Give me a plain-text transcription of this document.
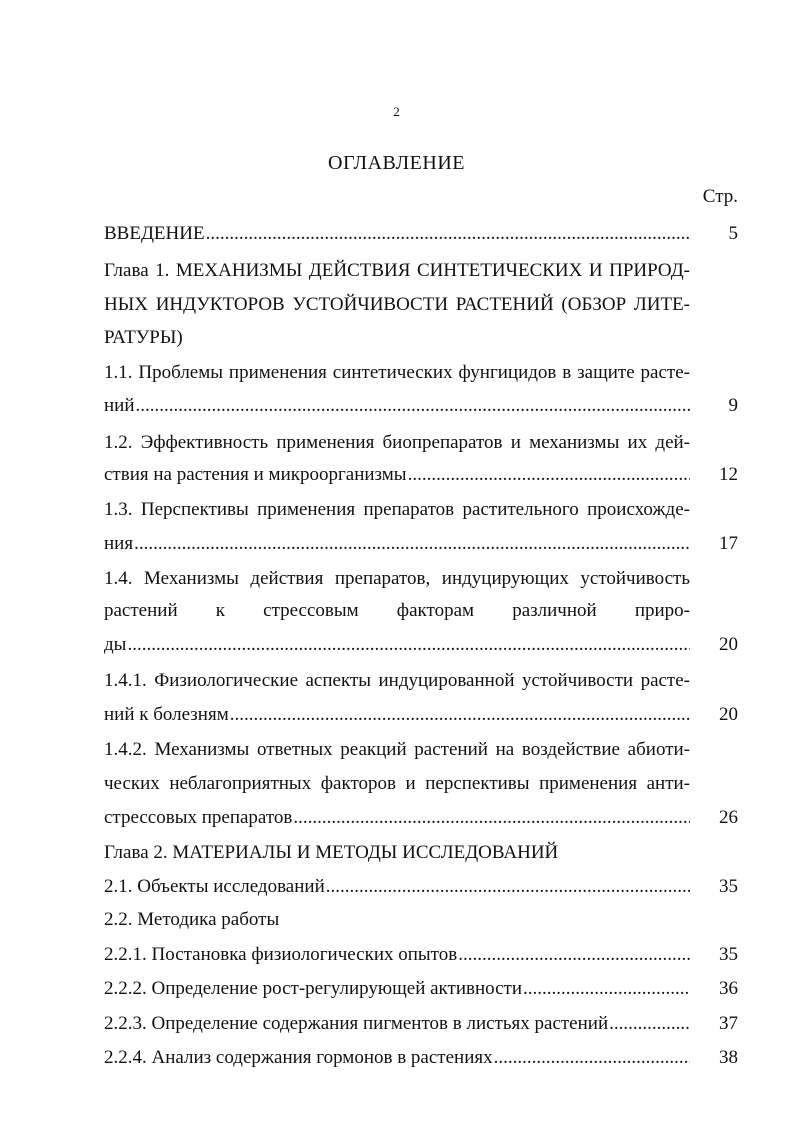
2
ОГЛАВЛЕНИЕ
Стр.
ВВЕДЕНИЕ .....	5
Глава 1. МЕХАНИЗМЫ ДЕЙСТВИЯ СИНТЕТИЧЕСКИХ И ПРИРОД-
НЫХ ИНДУКТОРОВ УСТОЙЧИВОСТИ РАСТЕНИЙ (ОБЗОР ЛИТЕ-
РАТУРЫ)
1.1. Проблемы применения синтетических фунгицидов в защите расте-
ний .....	9
1.2. Эффективность применения биопрепаратов и механизмы их дей-
ствия на растения и микроорганизмы .....	12
1.3. Перспективы применения препаратов растительного происхожде-
ния .....	17
1.4. Механизмы действия препаратов, индуцирующих устойчивость
растений к стрессовым факторам различной приро-
ды .....	20
1.4.1. Физиологические аспекты индуцированной устойчивости расте-
ний к болезням .....	20
1.4.2. Механизмы ответных реакций растений на воздействие абиоти-
ческих неблагоприятных факторов и перспективы применения анти-
стрессовых препаратов .....	26
Глава 2. МАТЕРИАЛЫ И МЕТОДЫ ИССЛЕДОВАНИЙ
2.1. Объекты исследований .....	35
2.2. Методика работы
2.2.1. Постановка физиологических опытов .....	35
2.2.2. Определение рост-регулирующей активности .....	36
2.2.3. Определение содержания пигментов в листьях растений .....	37
2.2.4. Анализ содержания гормонов в растениях .....	38
